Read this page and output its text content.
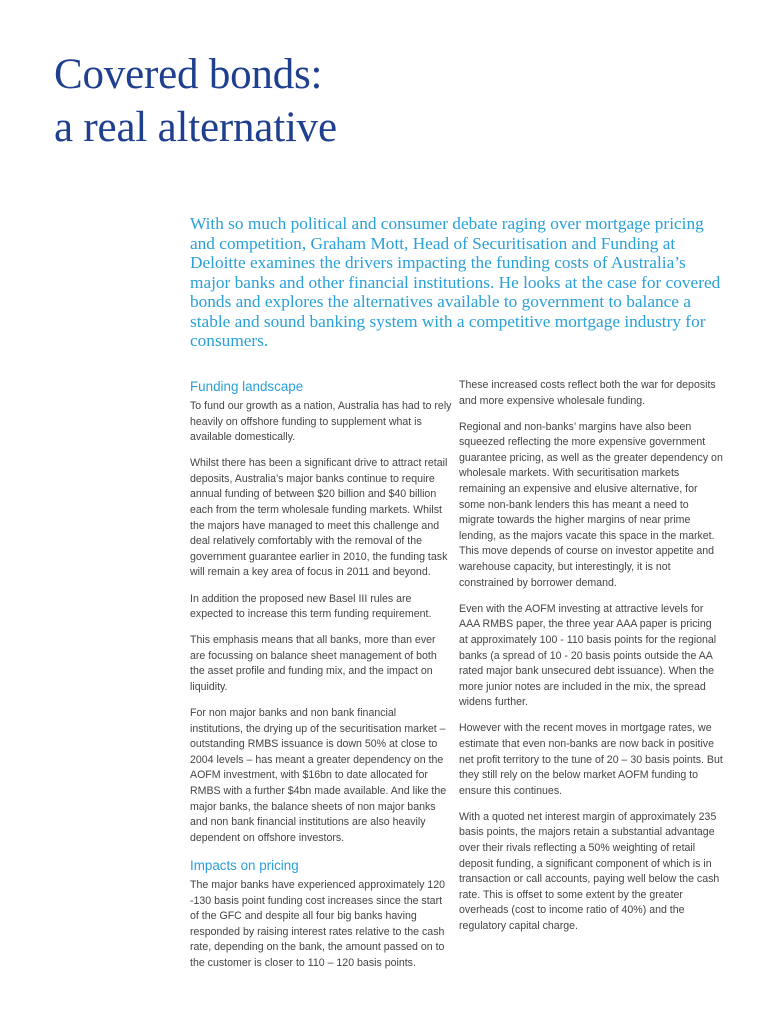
Covered bonds:
a real alternative

With so much political and consumer debate raging over mortgage pricing and competition, Graham Mott, Head of Securitisation and Funding at Deloitte examines the drivers impacting the funding costs of Australia’s major banks and other financial institutions. He looks at the case for covered bonds and explores the alternatives available to government to balance a stable and sound banking system with a competitive mortgage industry for consumers.

Funding landscape

To fund our growth as a nation, Australia has had to rely heavily on offshore funding to supplement what is available domestically.

Whilst there has been a significant drive to attract retail deposits, Australia’s major banks continue to require annual funding of between $20 billion and $40 billion each from the term wholesale funding markets. Whilst the majors have managed to meet this challenge and deal relatively comfortably with the removal of the government guarantee earlier in 2010, the funding task will remain a key area of focus in 2011 and beyond.

In addition the proposed new Basel III rules are expected to increase this term funding requirement.

This emphasis means that all banks, more than ever are focussing on balance sheet management of both the asset profile and funding mix, and the impact on liquidity.

For non major banks and non bank financial institutions, the drying up of the securitisation market – outstanding RMBS issuance is down 50% at close to 2004 levels – has meant a greater dependency on the AOFM investment, with $16bn to date allocated for RMBS with a further $4bn made available. And like the major banks, the balance sheets of non major banks and non bank financial institutions are also heavily dependent on offshore investors.

Impacts on pricing

The major banks have experienced approximately 120 -130 basis point funding cost increases since the start of the GFC and despite all four big banks having responded by raising interest rates relative to the cash rate, depending on the bank, the amount passed on to the customer is closer to 110 – 120 basis points.

These increased costs reflect both the war for deposits and more expensive wholesale funding.

Regional and non-banks’ margins have also been squeezed reflecting the more expensive government guarantee pricing, as well as the greater dependency on wholesale markets. With securitisation markets remaining an expensive and elusive alternative, for some non-bank lenders this has meant a need to migrate towards the higher margins of near prime lending, as the majors vacate this space in the market. This move depends of course on investor appetite and warehouse capacity, but interestingly, it is not constrained by borrower demand.

Even with the AOFM investing at attractive levels for AAA RMBS paper, the three year AAA paper is pricing at approximately 100 - 110 basis points for the regional banks (a spread of 10 - 20 basis points outside the AA rated major bank unsecured debt issuance). When the more junior notes are included in the mix, the spread widens further.

However with the recent moves in mortgage rates, we estimate that even non-banks are now back in positive net profit territory to the tune of 20 – 30 basis points. But they still rely on the below market AOFM funding to ensure this continues.

With a quoted net interest margin of approximately 235 basis points, the majors retain a substantial advantage over their rivals reflecting a 50% weighting of retail deposit funding, a significant component of which is in transaction or call accounts, paying well below the cash rate. This is offset to some extent by the greater overheads (cost to income ratio of 40%) and the regulatory capital charge.
